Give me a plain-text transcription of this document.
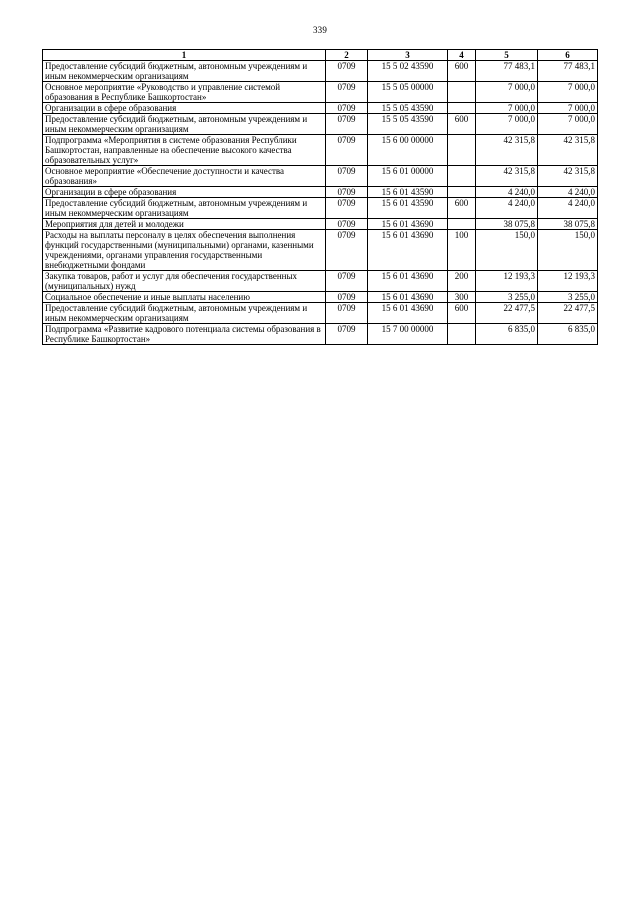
339
1	2	3	4	5	6
Предоставление субсидий бюджетным, автономным учреждениям и иным некоммерческим организациям	0709	15 5 02 43590	600	77 483,1	77 483,1
Основное мероприятие «Руководство и управление системой образования в Республике Башкортостан»	0709	15 5 05 00000		7 000,0	7 000,0
Организации в сфере образования	0709	15 5 05 43590		7 000,0	7 000,0
Предоставление субсидий бюджетным, автономным учреждениям и иным некоммерческим организациям	0709	15 5 05 43590	600	7 000,0	7 000,0
Подпрограмма «Мероприятия в системе образования Республики Башкортостан, направленные на обеспечение высокого качества образовательных услуг»	0709	15 6 00 00000		42 315,8	42 315,8
Основное мероприятие «Обеспечение доступности и качества образования»	0709	15 6 01 00000		42 315,8	42 315,8
Организации в сфере образования	0709	15 6 01 43590		4 240,0	4 240,0
Предоставление субсидий бюджетным, автономным учреждениям и иным некоммерческим организациям	0709	15 6 01 43590	600	4 240,0	4 240,0
Мероприятия для детей и молодежи	0709	15 6 01 43690		38 075,8	38 075,8
Расходы на выплаты персоналу в целях обеспечения выполнения функций государственными (муниципальными) органами, казенными учреждениями, органами управления государственными внебюджетными фондами	0709	15 6 01 43690	100	150,0	150,0
Закупка товаров, работ и услуг для обеспечения государственных (муниципальных) нужд	0709	15 6 01 43690	200	12 193,3	12 193,3
Социальное обеспечение и иные выплаты населению	0709	15 6 01 43690	300	3 255,0	3 255,0
Предоставление субсидий бюджетным, автономным учреждениям и иным некоммерческим организациям	0709	15 6 01 43690	600	22 477,5	22 477,5
Подпрограмма «Развитие кадрового потенциала системы образования в Республике Башкортостан»	0709	15 7 00 00000		6 835,0	6 835,0
